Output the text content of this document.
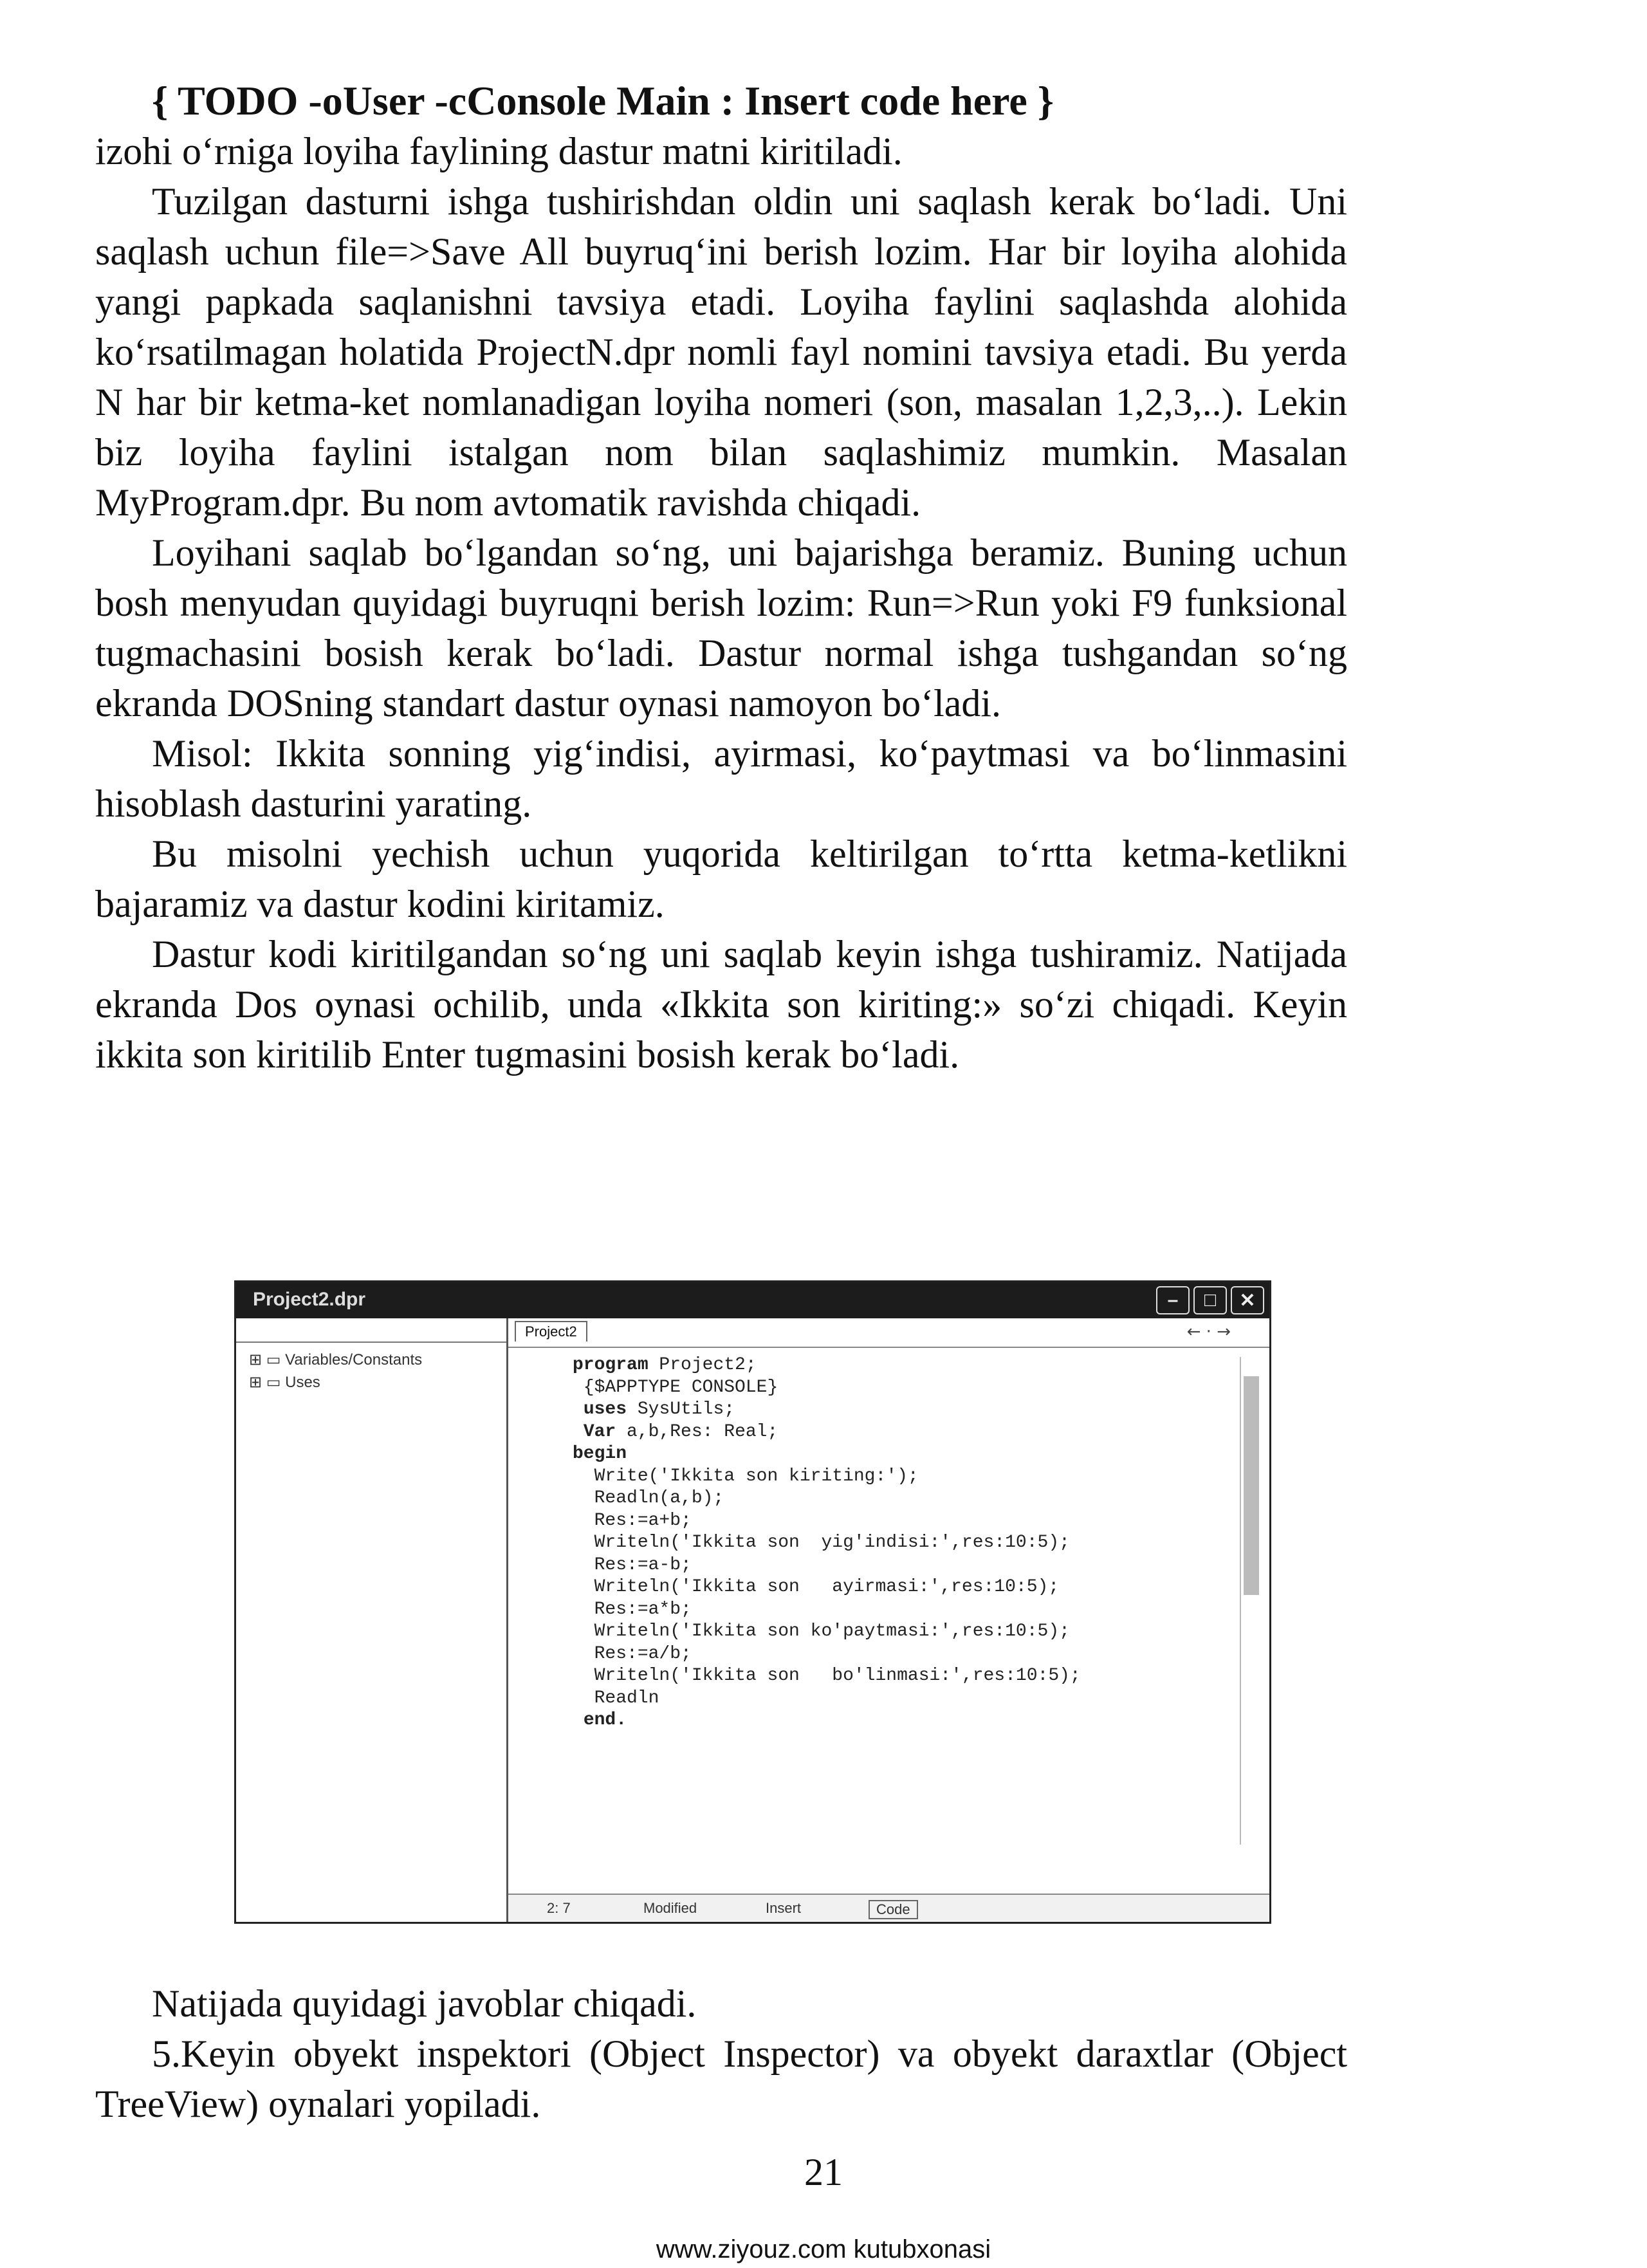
{ TODO -oUser -cConsole Main : Insert code here }

izohi o‘rniga loyiha faylining dastur matni kiritiladi.

Tuzilgan dasturni ishga tushirishdan oldin uni saqlash kerak bo‘ladi. Uni saqlash uchun file=>Save All buyruq‘ini berish lozim. Har bir loyiha alohida yangi papkada saqlanishni tavsiya etadi. Loyiha faylini saqlashda alohida ko‘rsatilmagan holatida ProjectN.dpr nomli fayl nomini tavsiya etadi. Bu yerda N har bir ketma-ket nomlanadigan loyiha nomeri (son, masalan 1,2,3,..). Lekin biz loyiha faylini istalgan nom bilan saqlashimiz mumkin. Masalan MyProgram.dpr. Bu nom avtomatik ravishda chiqadi.

Loyihani saqlab bo‘lgandan so‘ng, uni bajarishga beramiz. Buning uchun bosh menyudan quyidagi buyruqni berish lozim: Run=>Run yoki F9 funksional tugmachasini bosish kerak bo‘ladi. Dastur normal ishga tushgandan so‘ng ekranda DOSning standart dastur oynasi namoyon bo‘ladi.

Misol: Ikkita sonning yig‘indisi, ayirmasi, ko‘paytmasi va bo‘linmasini hisoblash dasturini yarating.

Bu misolni yechish uchun yuqorida keltirilgan to‘rtta ketma-ketlikni bajaramiz va dastur kodini kiritamiz.

Dastur kodi kiritilgandan so‘ng uni saqlab keyin ishga tushiramiz. Natijada ekranda Dos oynasi ochilib, unda «Ikkita son kiriting:» so‘zi chiqadi. Keyin ikkita son kiritilib Enter tugmasini bosish kerak bo‘ladi.

Project2.dpr	–	□	✕
⊞ ▭ Variables/Constants
⊞ ▭ Uses
Project2	← · →
program Project2;
{$APPTYPE CONSOLE}
uses SysUtils;
Var a,b,Res: Real;
begin
Write('Ikkita son kiriting:');
Readln(a,b);
Res:=a+b;
Writeln('Ikkita son  yig'indisi:',res:10:5);
Res:=a-b;
Writeln('Ikkita son   ayirmasi:',res:10:5);
Res:=a*b;
Writeln('Ikkita son ko'paytmasi:',res:10:5);
Res:=a/b;
Writeln('Ikkita son   bo'linmasi:',res:10:5);
Readln
end.
2: 7	Modified	Insert	Code

Natijada quyidagi javoblar chiqadi.

5.Keyin obyekt inspektori (Object Inspector) va obyekt daraxtlar (Object TreeView) oynalari yopiladi.

21
www.ziyouz.com kutubxonasi
